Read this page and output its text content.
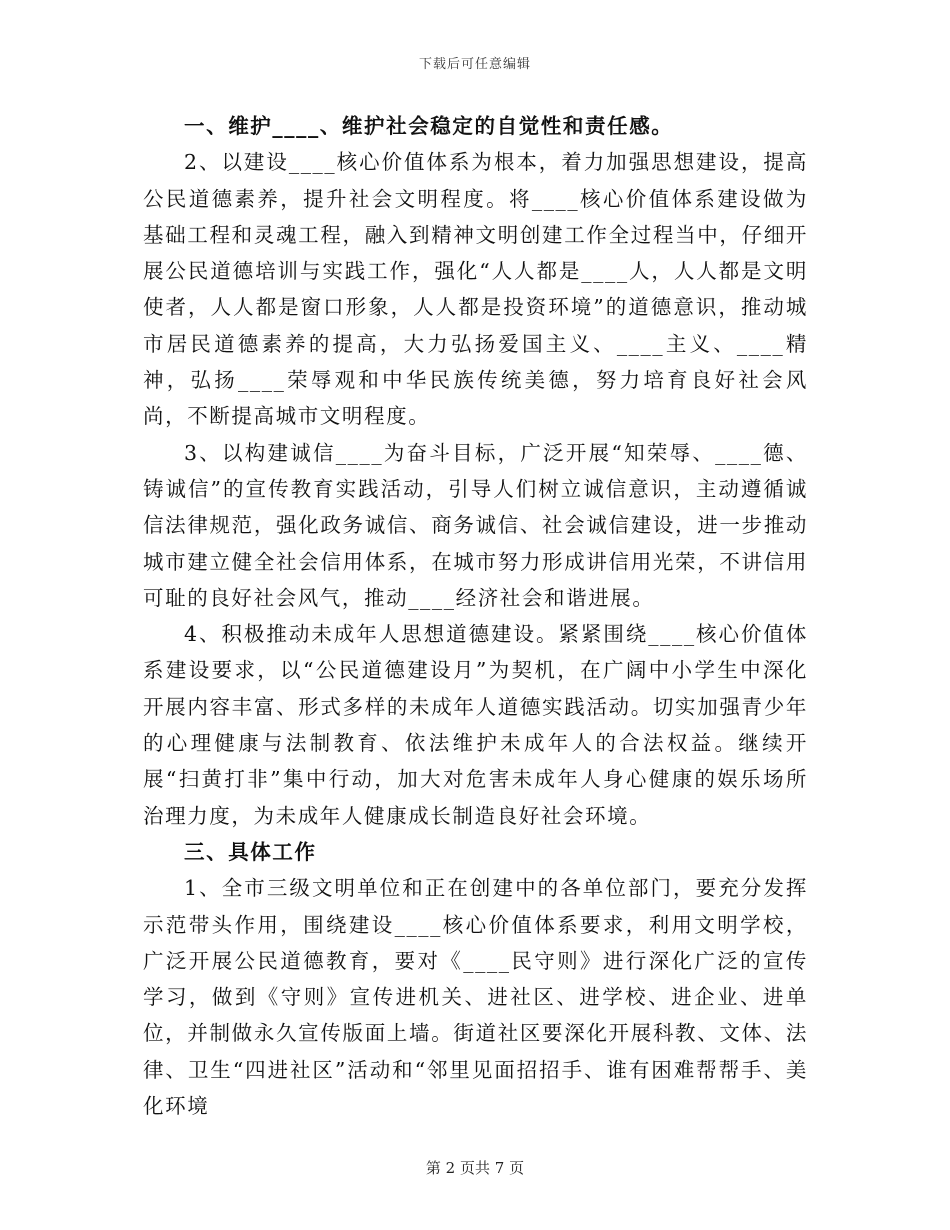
下载后可任意编辑

一、维护____、维护社会稳定的自觉性和责任感。

2、以建设____核心价值体系为根本，着力加强思想建设，提高公民道德素养，提升社会文明程度。将____核心价值体系建设做为基础工程和灵魂工程，融入到精神文明创建工作全过程当中，仔细开展公民道德培训与实践工作，强化“人人都是____人，人人都是文明使者，人人都是窗口形象，人人都是投资环境”的道德意识，推动城市居民道德素养的提高，大力弘扬爱国主义、____主义、____精神，弘扬____荣辱观和中华民族传统美德，努力培育良好社会风尚，不断提高城市文明程度。

3、以构建诚信____为奋斗目标，广泛开展“知荣辱、____德、铸诚信”的宣传教育实践活动，引导人们树立诚信意识，主动遵循诚信法律规范，强化政务诚信、商务诚信、社会诚信建设，进一步推动城市建立健全社会信用体系，在城市努力形成讲信用光荣，不讲信用可耻的良好社会风气，推动____经济社会和谐进展。

4、积极推动未成年人思想道德建设。紧紧围绕____核心价值体系建设要求，以“公民道德建设月”为契机，在广阔中小学生中深化开展内容丰富、形式多样的未成年人道德实践活动。切实加强青少年的心理健康与法制教育、依法维护未成年人的合法权益。继续开展“扫黄打非”集中行动，加大对危害未成年人身心健康的娱乐场所治理力度，为未成年人健康成长制造良好社会环境。

三、具体工作

1、全市三级文明单位和正在创建中的各单位部门，要充分发挥示范带头作用，围绕建设____核心价值体系要求，利用文明学校，广泛开展公民道德教育，要对《____民守则》进行深化广泛的宣传学习，做到《守则》宣传进机关、进社区、进学校、进企业、进单位，并制做永久宣传版面上墙。街道社区要深化开展科教、文体、法律、卫生“四进社区”活动和“邻里见面招招手、谁有困难帮帮手、美化环境

第 2 页共 7 页
